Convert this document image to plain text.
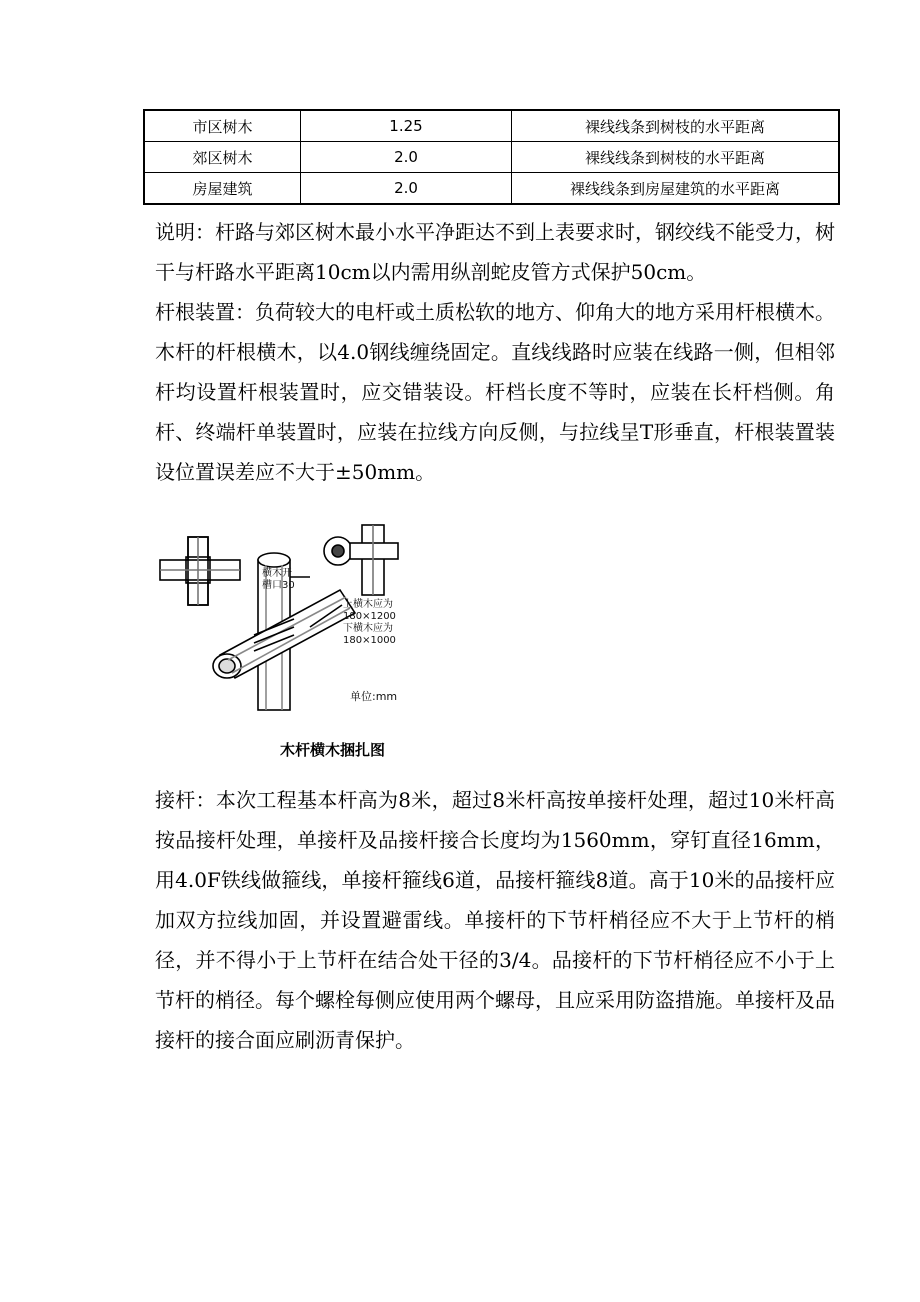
市区树木	1.25	裸线线条到树枝的水平距离
郊区树木	2.0	裸线线条到树枝的水平距离
房屋建筑	2.0	裸线线条到房屋建筑的水平距离

说明：杆路与郊区树木最小水平净距达不到上表要求时，钢绞线不能受力，树干与杆路水平距离10cm以内需用纵剖蛇皮管方式保护50cm。

杆根装置：负荷较大的电杆或土质松软的地方、仰角大的地方采用杆根横木。木杆的杆根横木，以4.0钢线缠绕固定。直线线路时应装在线路一侧，但相邻杆均设置杆根装置时，应交错装设。杆档长度不等时，应装在长杆档侧。角杆、终端杆单装置时，应装在拉线方向反侧，与拉线呈T形垂直，杆根装置装设位置误差应不大于±50mm。

横木开
槽口30
上横木应为
180×1200
下横木应为
180×1000
单位:mm
木杆横木捆扎图

接杆：本次工程基本杆高为8米，超过8米杆高按单接杆处理，超过10米杆高按品接杆处理，单接杆及品接杆接合长度均为1560mm，穿钉直径16mm，用4.0F铁线做箍线，单接杆箍线6道，品接杆箍线8道。高于10米的品接杆应加双方拉线加固，并设置避雷线。单接杆的下节杆梢径应不大于上节杆的梢径，并不得小于上节杆在结合处干径的3/4。品接杆的下节杆梢径应不小于上节杆的梢径。每个螺栓每侧应使用两个螺母，且应采用防盗措施。单接杆及品接杆的接合面应刷沥青保护。
